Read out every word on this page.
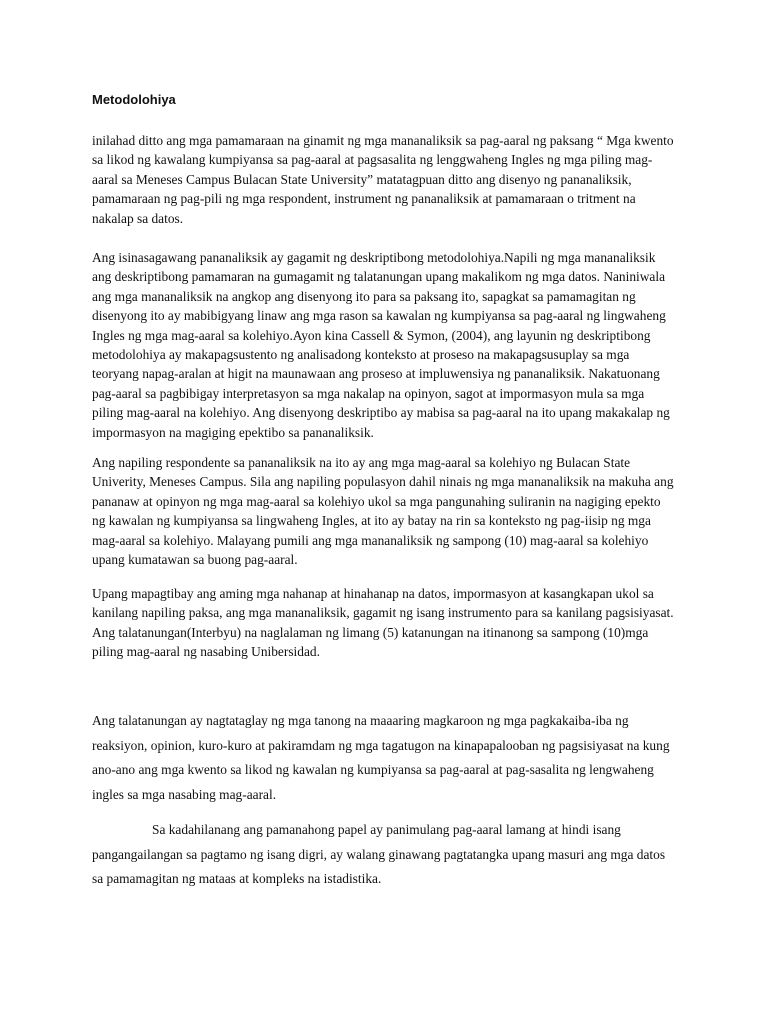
Metodolohiya

inilahad ditto ang mga pamamaraan na ginamit ng mga mananaliksik sa pag-aaral ng paksang “ Mga kwento sa likod ng kawalang kumpiyansa sa pag-aaral at pagsasalita ng lenggwaheng Ingles ng mga piling mag-aaral sa Meneses Campus Bulacan State University” matatagpuan ditto ang disenyo ng pananaliksik, pamamaraan ng pag-pili ng mga respondent, instrument ng pananaliksik at pamamaraan o tritment na nakalap sa datos.

Ang isinasagawang pananaliksik ay gagamit ng deskriptibong metodolohiya.Napili ng mga mananaliksik ang deskriptibong pamamaran na gumagamit ng talatanungan upang makalikom ng mga datos. Naniniwala ang mga mananaliksik na angkop ang disenyong ito para sa paksang ito, sapagkat sa pamamagitan ng disenyong ito ay mabibigyang linaw ang mga rason sa kawalan ng kumpiyansa sa pag-aaral ng lingwaheng Ingles ng mga mag-aaral sa kolehiyo.Ayon kina Cassell & Symon, (2004), ang layunin ng deskriptibong metodolohiya ay makapagsustento ng analisadong konteksto at proseso na makapagsusuplay sa mga teoryang napag-aralan at higit na maunawaan ang proseso at impluwensiya ng pananaliksik. Nakatuonang pag-aaral sa pagbibigay interpretasyon sa mga nakalap na opinyon, sagot at impormasyon mula sa mga piling mag-aaral na kolehiyo. Ang disenyong deskriptibo ay mabisa sa pag-aaral na ito upang makakalap ng impormasyon na magiging epektibo sa pananaliksik.

Ang napiling respondente sa pananaliksik na ito ay ang mga mag-aaral sa kolehiyo ng Bulacan State Univerity, Meneses Campus. Sila ang napiling populasyon dahil ninais ng mga mananaliksik na makuha ang pananaw at opinyon ng mga mag-aaral sa kolehiyo ukol sa mga pangunahing suliranin na nagiging epekto ng kawalan ng kumpiyansa sa lingwaheng Ingles, at ito ay batay na rin sa konteksto ng pag-iisip ng mga mag-aaral sa kolehiyo. Malayang pumili ang mga mananaliksik ng sampong (10) mag-aaral sa kolehiyo upang kumatawan sa buong pag-aaral.

Upang mapagtibay ang aming mga nahanap at hinahanap na datos, impormasyon at kasangkapan ukol sa kanilang napiling paksa, ang mga mananaliksik, gagamit ng isang instrumento para sa kanilang pagsisiyasat. Ang talatanungan(Interbyu) na naglalaman ng limang (5) katanungan na itinanong sa sampong (10)mga piling mag-aaral ng nasabing Unibersidad.

Ang talatanungan ay nagtataglay ng mga tanong na maaaring magkaroon ng mga pagkakaiba-iba ng reaksiyon, opinion, kuro-kuro at pakiramdam ng mga tagatugon na kinapapalooban ng pagsisiyasat na kung ano-ano ang mga kwento sa likod ng kawalan ng kumpiyansa sa pag-aaral at pag-sasalita ng lengwaheng ingles sa mga nasabing mag-aaral.

Sa kadahilanang ang pamanahong papel ay panimulang pag-aaral lamang at hindi isang pangangailangan sa pagtamo ng isang digri, ay walang ginawang pagtatangka upang masuri ang mga datos sa pamamagitan ng mataas at kompleks na istadistika.
